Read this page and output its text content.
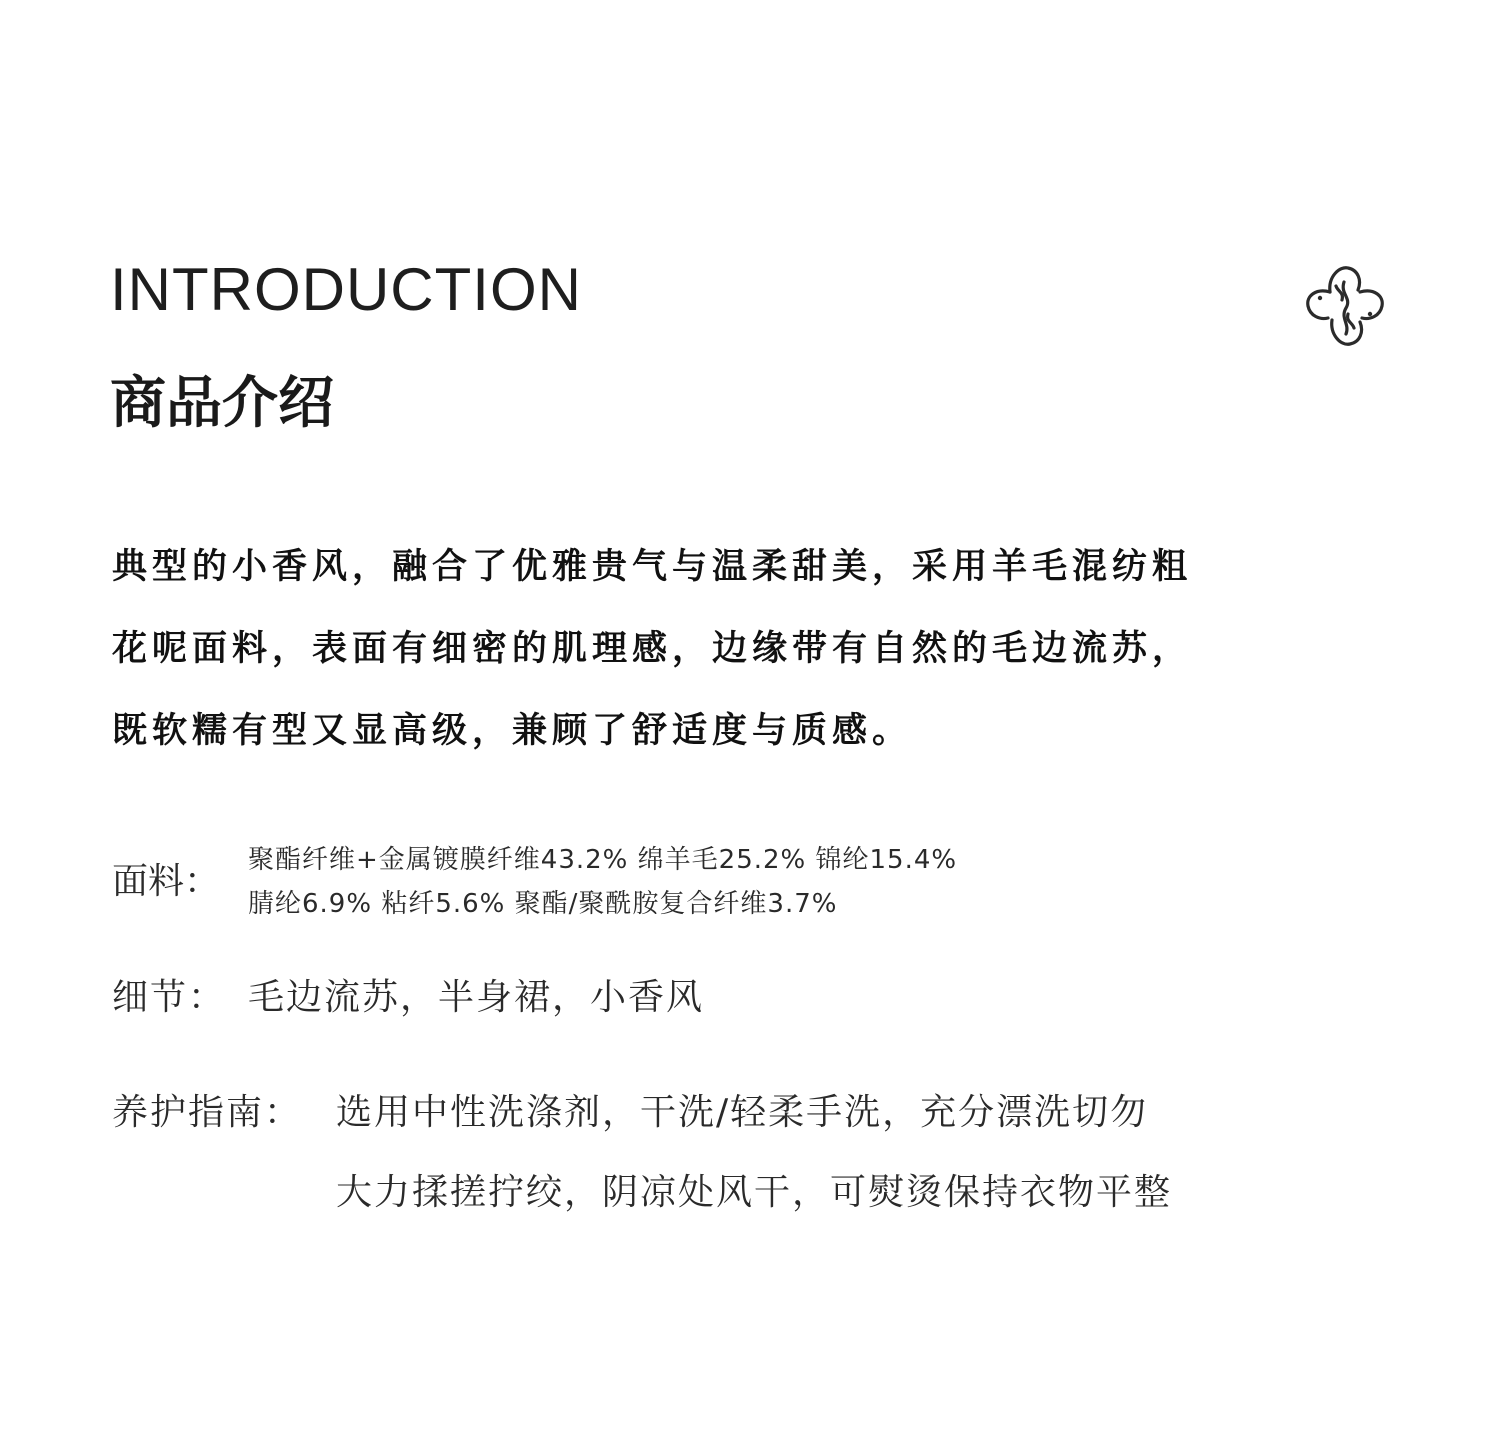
INTRODUCTION
商品介绍

典型的小香风，融合了优雅贵气与温柔甜美，采用羊毛混纺粗
花呢面料，表面有细密的肌理感，边缘带有自然的毛边流苏，
既软糯有型又显高级，兼顾了舒适度与质感。

面料：
聚酯纤维+金属镀膜纤维43.2% 绵羊毛25.2% 锦纶15.4%
腈纶6.9% 粘纤5.6% 聚酯/聚酰胺复合纤维3.7%
细节： 毛边流苏，半身裙，小香风
养护指南： 选用中性洗涤剂，干洗/轻柔手洗，充分漂洗切勿
大力揉搓拧绞，阴凉处风干，可熨烫保持衣物平整
